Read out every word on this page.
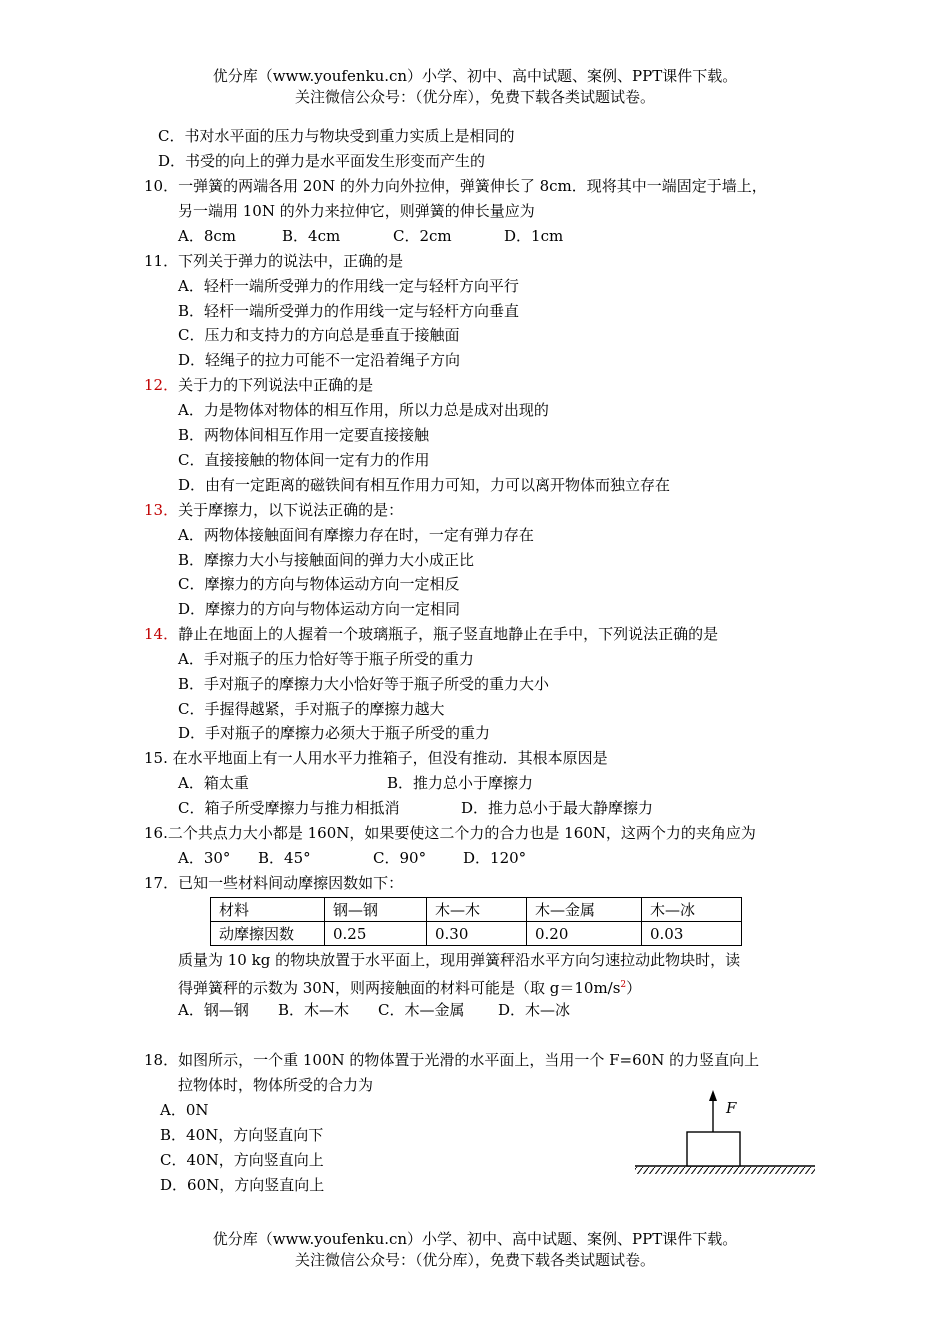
优分库（www.youfenku.cn）小学、初中、高中试题、案例、PPT课件下载。
关注微信公众号：（优分库），免费下载各类试题试卷。
C．书对水平面的压力与物块受到重力实质上是相同的
D．书受的向上的弹力是水平面发生形变而产生的
10．一弹簧的两端各用 20N 的外力向外拉伸，弹簧伸长了 8cm．现将其中一端固定于墙上，
另一端用 10N 的外力来拉伸它，则弹簧的伸长量应为
A．8cm	B．4cm	C．2cm	D．1cm
11．下列关于弹力的说法中，正确的是
A．轻杆一端所受弹力的作用线一定与轻杆方向平行
B．轻杆一端所受弹力的作用线一定与轻杆方向垂直
C．压力和支持力的方向总是垂直于接触面
D．轻绳子的拉力可能不一定沿着绳子方向
12．关于力的下列说法中正确的是
A．力是物体对物体的相互作用，所以力总是成对出现的
B．两物体间相互作用一定要直接接触
C．直接接触的物体间一定有力的作用
D．由有一定距离的磁铁间有相互作用力可知，力可以离开物体而独立存在
13．关于摩擦力，以下说法正确的是：
A．两物体接触面间有摩擦力存在时，一定有弹力存在
B．摩擦力大小与接触面间的弹力大小成正比
C．摩擦力的方向与物体运动方向一定相反
D．摩擦力的方向与物体运动方向一定相同
14．静止在地面上的人握着一个玻璃瓶子，瓶子竖直地静止在手中，下列说法正确的是
A．手对瓶子的压力恰好等于瓶子所受的重力
B．手对瓶子的摩擦力大小恰好等于瓶子所受的重力大小
C．手握得越紧，手对瓶子的摩擦力越大
D．手对瓶子的摩擦力必须大于瓶子所受的重力
15. 在水平地面上有一人用水平力推箱子，但没有推动．其根本原因是
A．箱太重	B．推力总小于摩擦力
C．箱子所受摩擦力与推力相抵消	D．推力总小于最大静摩擦力
16.二个共点力大小都是 160N，如果要使这二个力的合力也是 160N，这两个力的夹角应为
A．30° B．45°	C．90° D．120°
17．已知一些材料间动摩擦因数如下：
材料	钢—钢	木—木	木—金属	木—冰
动摩擦因数	0.25	0.30	0.20	0.03
质量为 10 kg 的物块放置于水平面上，现用弹簧秤沿水平方向匀速拉动此物块时，读
得弹簧秤的示数为 30N，则两接触面的材料可能是（取 $g=10m/s^2$）
A．钢—钢 B．木—木 C．木—金属 D．木—冰
18．如图所示，一个重 100N 的物体置于光滑的水平面上，当用一个 F=60N 的力竖直向上
拉物体时，物体所受的合力为
A．0N
B．40N，方向竖直向下
C．40N，方向竖直向上
D．60N，方向竖直向上
F
优分库（www.youfenku.cn）小学、初中、高中试题、案例、PPT课件下载。
关注微信公众号：（优分库），免费下载各类试题试卷。
